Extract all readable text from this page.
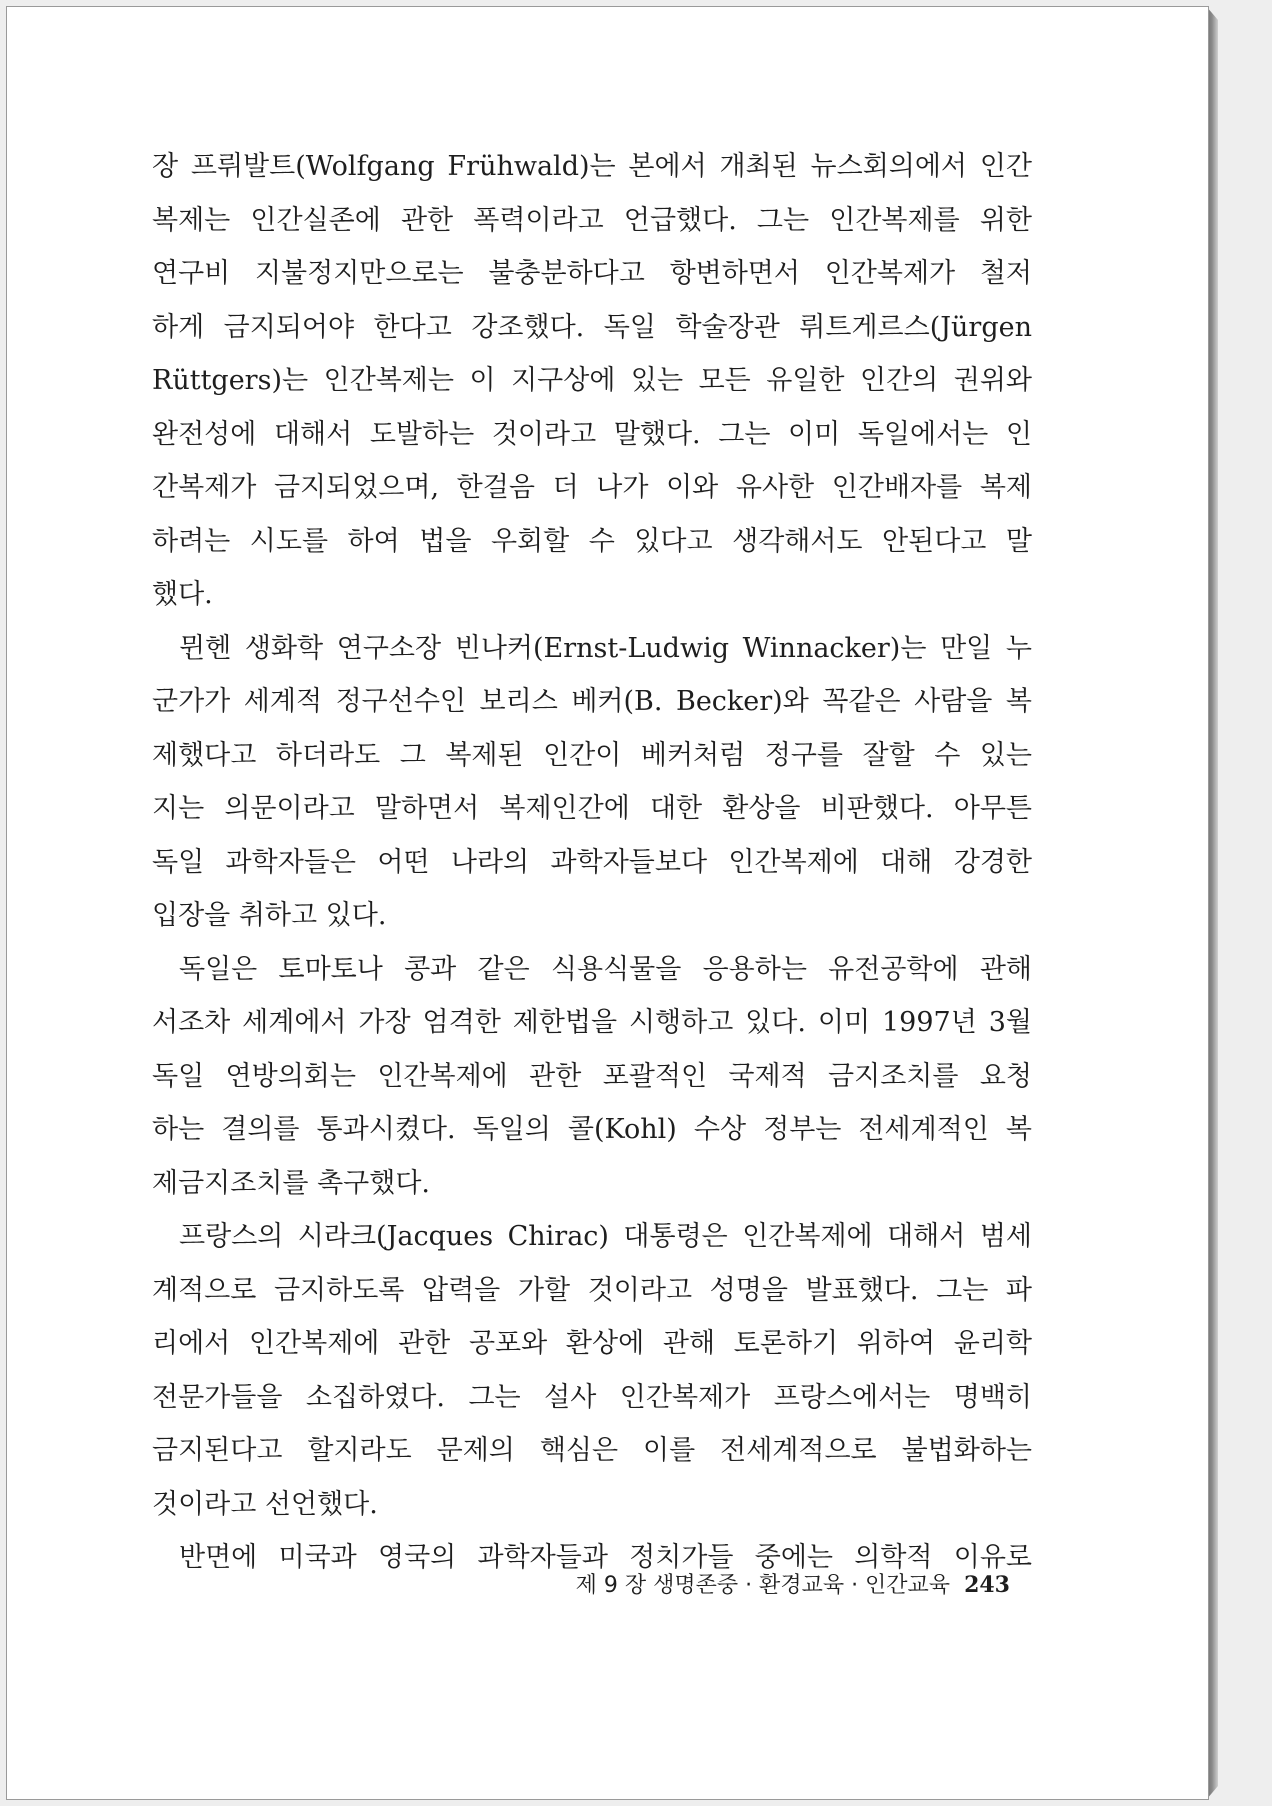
장 프뤼발트(Wolfgang Frühwald)는 본에서 개최된 뉴스회의에서 인간
복제는 인간실존에 관한 폭력이라고 언급했다. 그는 인간복제를 위한
연구비 지불정지만으로는 불충분하다고 항변하면서 인간복제가 철저
하게 금지되어야 한다고 강조했다. 독일 학술장관 뤼트게르스(Jürgen
Rüttgers)는 인간복제는 이 지구상에 있는 모든 유일한 인간의 권위와
완전성에 대해서 도발하는 것이라고 말했다. 그는 이미 독일에서는 인
간복제가 금지되었으며, 한걸음 더 나가 이와 유사한 인간배자를 복제
하려는 시도를 하여 법을 우회할 수 있다고 생각해서도 안된다고 말
했다.
뮌헨 생화학 연구소장 빈나커(Ernst-Ludwig Winnacker)는 만일 누
군가가 세계적 정구선수인 보리스 베커(B. Becker)와 꼭같은 사람을 복
제했다고 하더라도 그 복제된 인간이 베커처럼 정구를 잘할 수 있는
지는 의문이라고 말하면서 복제인간에 대한 환상을 비판했다. 아무튼
독일 과학자들은 어떤 나라의 과학자들보다 인간복제에 대해 강경한
입장을 취하고 있다.
독일은 토마토나 콩과 같은 식용식물을 응용하는 유전공학에 관해
서조차 세계에서 가장 엄격한 제한법을 시행하고 있다. 이미 1997년 3월
독일 연방의회는 인간복제에 관한 포괄적인 국제적 금지조치를 요청
하는 결의를 통과시켰다. 독일의 콜(Kohl) 수상 정부는 전세계적인 복
제금지조치를 촉구했다.
프랑스의 시라크(Jacques Chirac) 대통령은 인간복제에 대해서 범세
계적으로 금지하도록 압력을 가할 것이라고 성명을 발표했다. 그는 파
리에서 인간복제에 관한 공포와 환상에 관해 토론하기 위하여 윤리학
전문가들을 소집하였다. 그는 설사 인간복제가 프랑스에서는 명백히
금지된다고 할지라도 문제의 핵심은 이를 전세계적으로 불법화하는
것이라고 선언했다.
반면에 미국과 영국의 과학자들과 정치가들 중에는 의학적 이유로
제 9 장 생명존중 · 환경교육 · 인간교육 243
